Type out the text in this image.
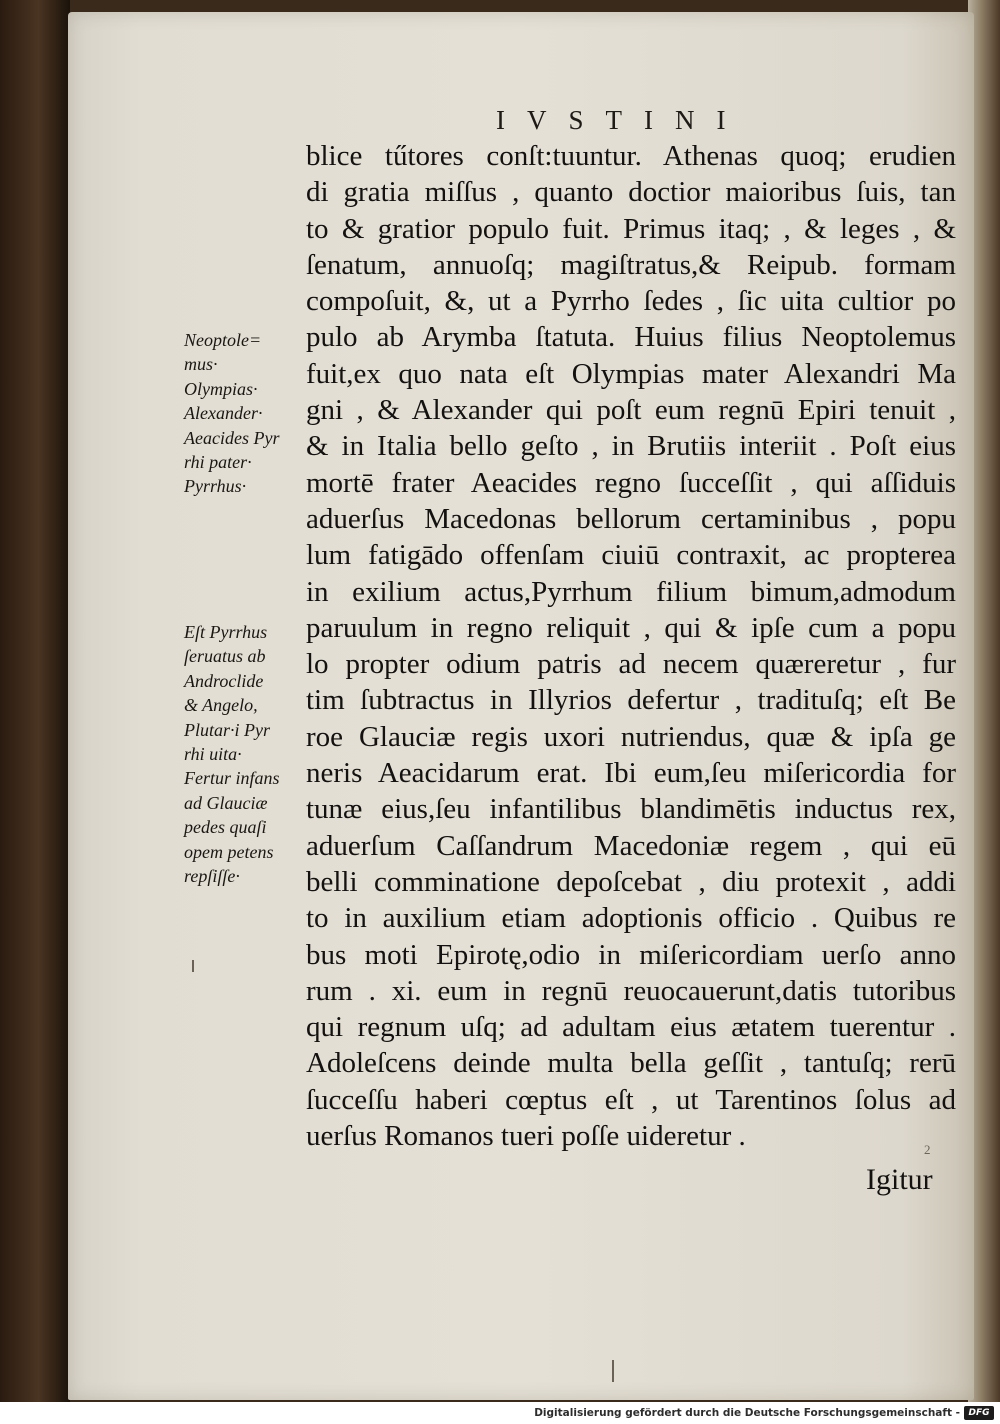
IVSTINI
blice tűtores conſt:tuuntur. Athenas quoq; erudien
di gratia miſſus , quanto doctior maioribus ſuis, tan
to & gratior populo fuit. Primus itaq; , & leges , &
ſenatum, annuoſq; magiſtratus,& Reipub. formam
compoſuit, &, ut a Pyrrho ſedes , ſic uita cultior po
pulo ab Arymba ſtatuta. Huius filius Neoptolemus
fuit,ex quo nata eſt Olympias mater Alexandri Ma
gni , & Alexander qui poſt eum regnū Epiri tenuit ,
& in Italia bello geſto , in Brutiis interiit . Poſt eius
mortē frater Aeacides regno ſucceſſit , qui aſſiduis
aduerſus Macedonas bellorum certaminibus , popu
lum fatigādo offenſam ciuiū contraxit, ac propterea
in exilium actus,Pyrrhum filium bimum,admodum
paruulum in regno reliquit , qui & ipſe cum a popu
lo propter odium patris ad necem quæreretur , fur
tim ſubtractus in Illyrios defertur , tradituſq; eſt Be
roe Glauciæ regis uxori nutriendus, quæ & ipſa ge
neris Aeacidarum erat. Ibi eum,ſeu miſericordia for
tunæ eius,ſeu infantilibus blandimētis inductus rex,
aduerſum Caſſandrum Macedoniæ regem , qui eū
belli comminatione depoſcebat , diu protexit , addi
to in auxilium etiam adoptionis officio . Quibus re
bus moti Epirotę,odio in miſericordiam uerſo anno
rum . xi. eum in regnū reuocauerunt,datis tutoribus
qui regnum uſq; ad adultam eius ætatem tuerentur .
Adoleſcens deinde multa bella geſſit , tantuſq; rerū
ſucceſſu haberi cœptus eſt , ut Tarentinos ſolus ad
uerſus Romanos tueri poſſe uideretur .
Neoptole=
mus·
Olympias·
Alexander·
Aeacides Pyr
rhi pater·
Pyrrhus·
Eſt Pyrrhus
ſeruatus ab
Androclide
& Angelo,
Plutar·i Pyr
rhi uita·
Fertur infans
ad Glauciæ
pedes quaſi
opem petens
repſiſſe·
2
Igitur
Digitalisierung gefördert durch die Deutsche Forschungsgemeinschaft - DFG
